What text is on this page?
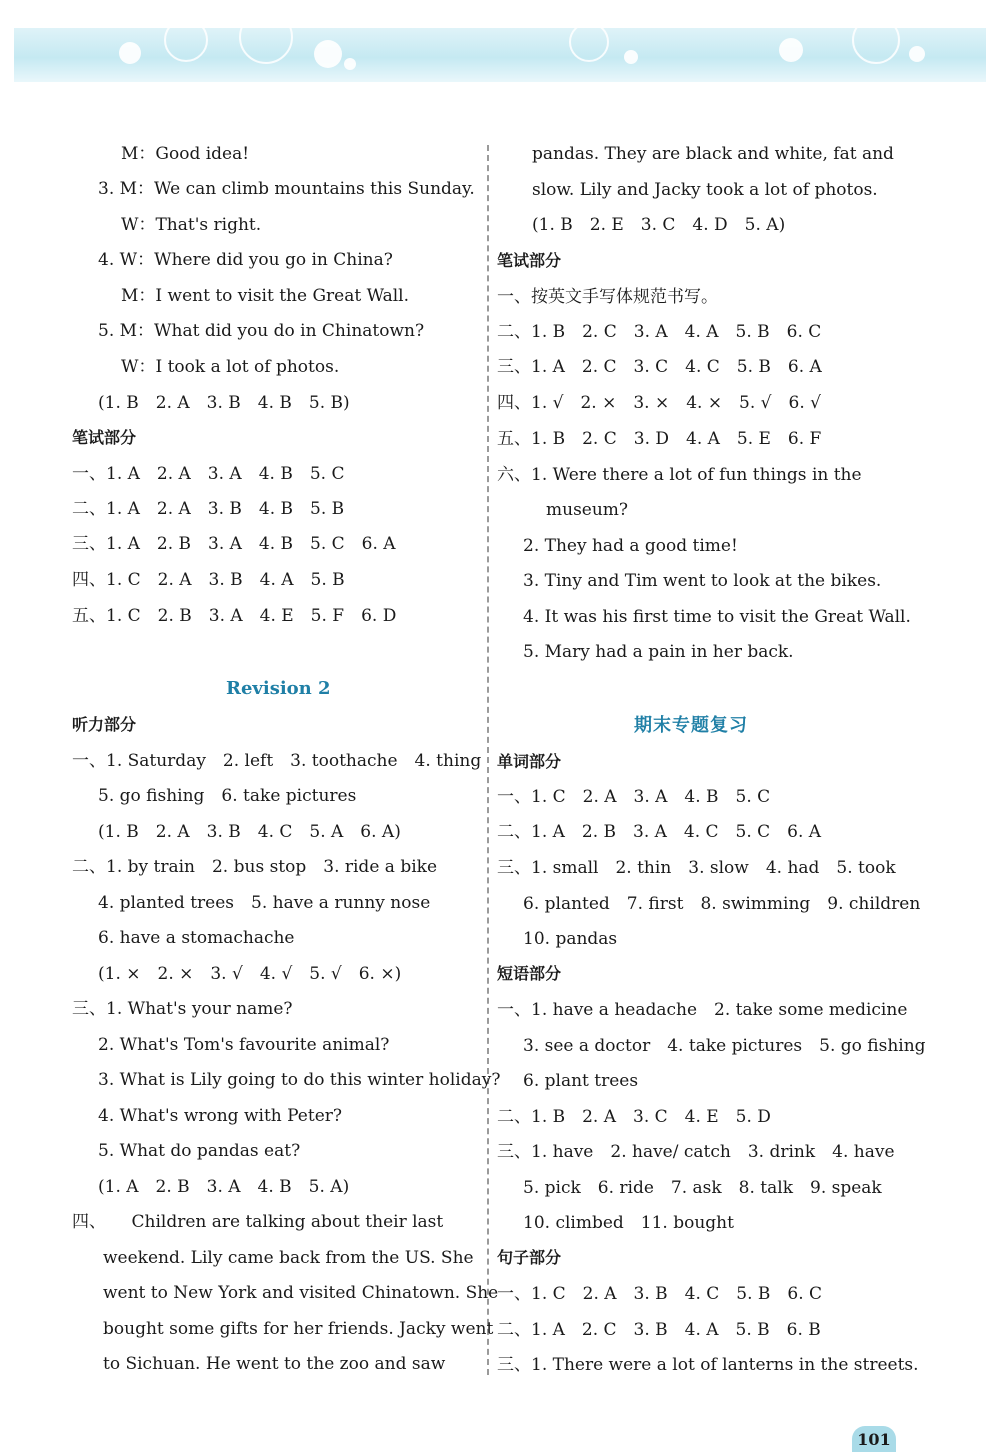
M：Good idea!
3. M：We can climb mountains this Sunday.
W：That's right.
4. W：Where did you go in China?
M：I went to visit the Great Wall.
5. M：What did you do in Chinatown?
W：I took a lot of photos.
(1. B　2. A　3. B　4. B　5. B)
笔试部分
一、1. A　2. A　3. A　4. B　5. C
二、1. A　2. A　3. B　4. B　5. B
三、1. A　2. B　3. A　4. B　5. C　6. A
四、1. C　2. A　3. B　4. A　5. B
五、1. C　2. B　3. A　4. E　5. F　6. D
Revision 2
听力部分
一、1. Saturday　2. left　3. toothache　4. thing
5. go fishing　6. take pictures
(1. B　2. A　3. B　4. C　5. A　6. A)
二、1. by train　2. bus stop　3. ride a bike
4. planted trees　5. have a runny nose
6. have a stomachache
(1. ×　2. ×　3. √　4. √　5. √　6. ×)
三、1. What's your name?
2. What's Tom's favourite animal?
3. What is Lily going to do this winter holiday?
4. What's wrong with Peter?
5. What do pandas eat?
(1. A　2. B　3. A　4. B　5. A)
四、　　Children are talking about their last
weekend. Lily came back from the US. She
went to New York and visited Chinatown. She
bought some gifts for her friends. Jacky went
to Sichuan. He went to the zoo and saw
pandas. They are black and white, fat and
slow. Lily and Jacky took a lot of photos.
(1. B　2. E　3. C　4. D　5. A)
笔试部分
一、按英文手写体规范书写。
二、1. B　2. C　3. A　4. A　5. B　6. C
三、1. A　2. C　3. C　4. C　5. B　6. A
四、1. √　2. ×　3. ×　4. ×　5. √　6. √
五、1. B　2. C　3. D　4. A　5. E　6. F
六、1. Were there a lot of fun things in the
museum?
2. They had a good time!
3. Tiny and Tim went to look at the bikes.
4. It was his first time to visit the Great Wall.
5. Mary had a pain in her back.
期末专题复习
单词部分
一、1. C　2. A　3. A　4. B　5. C
二、1. A　2. B　3. A　4. C　5. C　6. A
三、1. small　2. thin　3. slow　4. had　5. took
6. planted　7. first　8. swimming　9. children
10. pandas
短语部分
一、1. have a headache　2. take some medicine
3. see a doctor　4. take pictures　5. go fishing
6. plant trees
二、1. B　2. A　3. C　4. E　5. D
三、1. have　2. have/ catch　3. drink　4. have
5. pick　6. ride　7. ask　8. talk　9. speak
10. climbed　11. bought
句子部分
一、1. C　2. A　3. B　4. C　5. B　6. C
二、1. A　2. C　3. B　4. A　5. B　6. B
三、1. There were a lot of lanterns in the streets.
101
